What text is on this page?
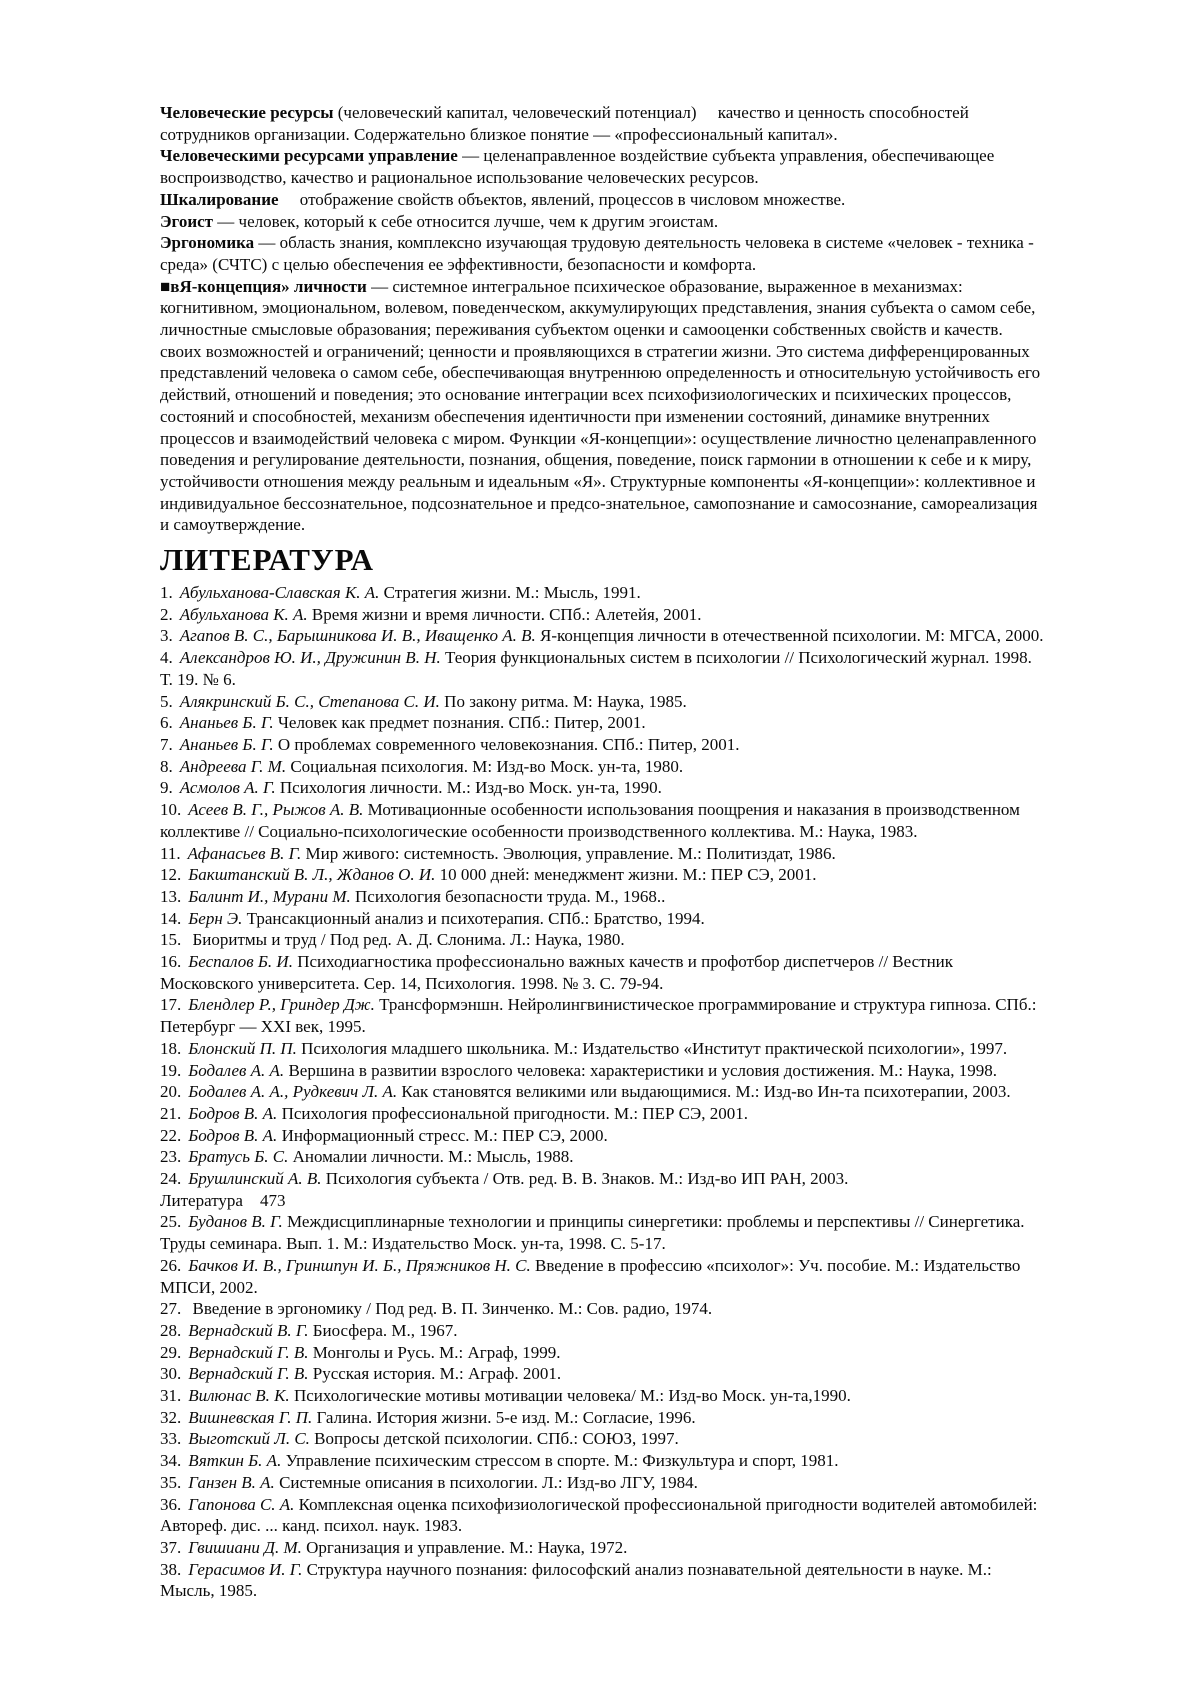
Человеческие ресурсы (человеческий капитал, человеческий потенциал)     качество и ценность способностей сотрудников организации. Содержательно близкое понятие — «профессиональный капитал».

Человеческими ресурсами управление — целенаправленное воздействие субъекта управления, обеспечивающее воспроизводство, качество и рациональное использование человеческих ресурсов.

Шкалирование     отображение свойств объектов, явлений, процессов в числовом множестве.

Эгоист — человек, который к себе относится лучше, чем к другим эгоистам.

Эргономика — область знания, комплексно изучающая трудовую деятельность человека в системе «человек - техника - среда» (СЧТС) с целью обеспечения ее эффективности, безопасности и комфорта.

■вЯ-концепция» личности — системное интегральное психическое образование, выраженное в механизмах: когнитивном, эмоциональном, волевом, поведенческом, аккумулирующих представления, знания субъекта о самом себе, личностные смысловые образования; переживания субъектом оценки и самооценки собственных свойств и качеств. своих возможностей и ограничений; ценности и проявляющихся в стратегии жизни. Это система дифференцированных представлений человека о самом себе, обеспечивающая внутреннюю определенность и относительную устойчивость его действий, отношений и поведения; это основание интеграции всех психофизиологических и психических процессов, состояний и способностей, механизм обеспечения идентичности при изменении состояний, динамике внутренних процессов и взаимодействий человека с миром. Функции «Я-концепции»: осуществление личностно целенаправленного поведения и регулирование деятельности, познания, общения, поведение, поиск гармонии в отношении к себе и к миру, устойчивости отношения между реальным и идеальным «Я». Структурные компоненты «Я-концепции»: коллективное и индивидуальное бессознательное, подсознательное и предсо-знательное, самопознание и самосознание, самореализация и самоутверждение.

ЛИТЕРАТУРА

1. Абульханова-Славская К. А. Стратегия жизни. М.: Мысль, 1991.

2. Абульханова К. А. Время жизни и время личности. СПб.: Алетейя, 2001.

3. Агапов В. С., Барышникова И. В., Иващенко А. В. Я-концепция личности в отечественной психологии. М: МГСА, 2000.

4. Александров Ю. И., Дружинин В. Н. Теория функциональных систем в психологии // Психологический журнал. 1998. Т. 19. № 6.

5. Алякринский Б. С., Степанова С. И. По закону ритма. М: Наука, 1985.

6. Ананьев Б. Г. Человек как предмет познания. СПб.: Питер, 2001.

7. Ананьев Б. Г. О проблемах современного человекознания. СПб.: Питер, 2001.

8. Андреева Г. М. Социальная психология. М: Изд-во Моск. ун-та, 1980.

9. Асмолов А. Г. Психология личности. М.: Изд-во Моск. ун-та, 1990.

10. Асеев В. Г., Рыжов А. В. Мотивационные особенности использования поощрения и наказания в производственном коллективе // Социально-психологические особенности производственного коллектива. М.: Наука, 1983.

11. Афанасьев В. Г. Мир живого: системность. Эволюция, управление. М.: Политиздат, 1986.

12. Бакштанский В. Л., Жданов О. И. 10 000 дней: менеджмент жизни. М.: ПЕР СЭ, 2001.

13. Балинт И., Мурани М. Психология безопасности труда. М., 1968..

14. Берн Э. Трансакционный анализ и психотерапия. СПб.: Братство, 1994.

15. Биоритмы и труд / Под ред. А. Д. Слонима. Л.: Наука, 1980.

16. Беспалов Б. И. Психодиагностика профессионально важных качеств и профотбор диспетчеров // Вестник Московского университета. Сер. 14, Психология. 1998. № 3. С. 79-94.

17. Блендлер Р., Гриндер Дж. Трансформэншн. Нейролингвинистическое программирование и структура гипноза. СПб.: Петербург — XXI век, 1995.

18. Блонский П. П. Психология младшего школьника. М.: Издательство «Институт практической психологии», 1997.

19. Бодалев А. А. Вершина в развитии взрослого человека: характеристики и условия достижения. М.: Наука, 1998.

20. Бодалев А. А., Рудкевич Л. А. Как становятся великими или выдающимися. М.: Изд-во Ин-та психотерапии, 2003.

21. Бодров В. А. Психология профессиональной пригодности. М.: ПЕР СЭ, 2001.

22. Бодров В. А. Информационный стресс. М.: ПЕР СЭ, 2000.

23. Братусь Б. С. Аномалии личности. М.: Мысль, 1988.

24. Брушлинский А. В. Психология субъекта / Отв. ред. В. В. Знаков. М.: Изд-во ИП РАН, 2003.

Литература    473

25. Буданов В. Г. Междисциплинарные технологии и принципы синергетики: проблемы и перспективы // Синергетика. Труды семинара. Вып. 1. М.: Издательство Моск. ун-та, 1998. С. 5-17.

26. Бачков И. В., Гриншпун И. Б., Пряжников Н. С. Введение в профессию «психолог»: Уч. пособие. М.: Издательство МПСИ, 2002.

27. Введение в эргономику / Под ред. В. П. Зинченко. М.: Сов. радио, 1974.

28. Вернадский В. Г. Биосфера. М., 1967.

29. Вернадский Г. В. Монголы и Русь. М.: Аграф, 1999.

30. Вернадский Г. В. Русская история. М.: Аграф. 2001.

31. Вилюнас В. К. Психологические мотивы мотивации человека/ М.: Изд-во Моск. ун-та,1990.

32. Вишневская Г. П. Галина. История жизни. 5-е изд. М.: Согласие, 1996.

33. Выготский Л. С. Вопросы детской психологии. СПб.: СОЮЗ, 1997.

34. Вяткин Б. А. Управление психическим стрессом в спорте. М.: Физкультура и спорт, 1981.

35. Ганзен В. А. Системные описания в психологии. Л.: Изд-во ЛГУ, 1984.

36. Гапонова С. А. Комплексная оценка психофизиологической профессиональной пригодности водителей автомобилей: Автореф. дис. ... канд. психол. наук. 1983.

37. Гвишиани Д. М. Организация и управление. М.: Наука, 1972.

38. Герасимов И. Г. Структура научного познания: философский анализ познавательной деятельности в науке. М.: Мысль, 1985.
